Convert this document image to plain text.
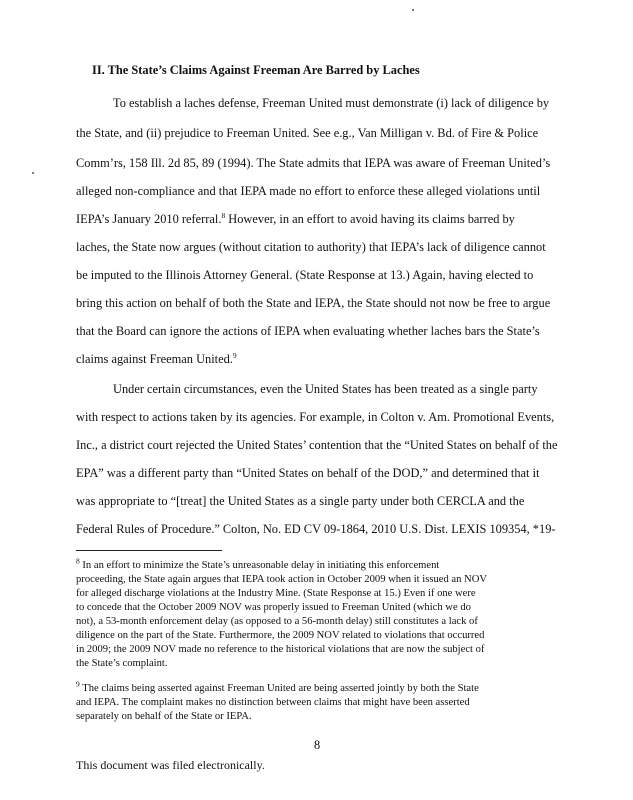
II. The State’s Claims Against Freeman Are Barred by Laches
To establish a laches defense, Freeman United must demonstrate (i) lack of diligence by
the State, and (ii) prejudice to Freeman United. See e.g., Van Milligan v. Bd. of Fire & Police
Comm’rs, 158 Ill. 2d 85, 89 (1994). The State admits that IEPA was aware of Freeman United’s
alleged non-compliance and that IEPA made no effort to enforce these alleged violations until
IEPA’s January 2010 referral.$^8$ However, in an effort to avoid having its claims barred by
laches, the State now argues (without citation to authority) that IEPA’s lack of diligence cannot
be imputed to the Illinois Attorney General. (State Response at 13.) Again, having elected to
bring this action on behalf of both the State and IEPA, the State should not now be free to argue
that the Board can ignore the actions of IEPA when evaluating whether laches bars the State’s
claims against Freeman United.$^9$
Under certain circumstances, even the United States has been treated as a single party
with respect to actions taken by its agencies. For example, in Colton v. Am. Promotional Events,
Inc., a district court rejected the United States’ contention that the “United States on behalf of the
EPA” was a different party than “United States on behalf of the DOD,” and determined that it
was appropriate to “[treat] the United States as a single party under both CERCLA and the
Federal Rules of Procedure.” Colton, No. ED CV 09-1864, 2010 U.S. Dist. LEXIS 109354, *19-
$^8$ In an effort to minimize the State’s unreasonable delay in initiating this enforcement
proceeding, the State again argues that IEPA took action in October 2009 when it issued an NOV
for alleged discharge violations at the Industry Mine. (State Response at 15.) Even if one were
to concede that the October 2009 NOV was properly issued to Freeman United (which we do
not), a 53-month enforcement delay (as opposed to a 56-month delay) still constitutes a lack of
diligence on the part of the State. Furthermore, the 2009 NOV related to violations that occurred
in 2009; the 2009 NOV made no reference to the historical violations that are now the subject of
the State’s complaint.
$^9$ The claims being asserted against Freeman United are being asserted jointly by both the State
and IEPA. The complaint makes no distinction between claims that might have been asserted
separately on behalf of the State or IEPA.
8
This document was filed electronically.
